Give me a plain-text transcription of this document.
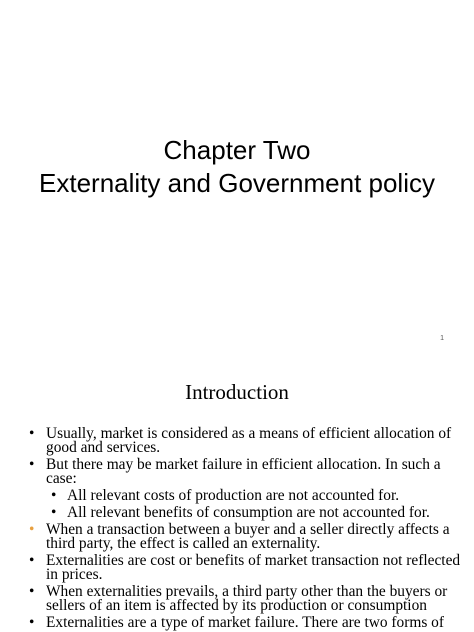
Chapter Two
Externality and Government policy
1
Introduction
• Usually, market is considered as a means of efficient allocation of good and services.
• But there may be market failure in efficient allocation. In such a case:
• All relevant costs of production are not accounted for.
• All relevant benefits of consumption are not accounted for.
• When a transaction between a buyer and a seller directly affects a third party, the effect is called an externality.
• Externalities are cost or benefits of market transaction not reflected in prices.
• When externalities prevails, a third party other than the buyers or sellers of an item is affected by its production or consumption
• Externalities are a type of market failure. There are two forms of
